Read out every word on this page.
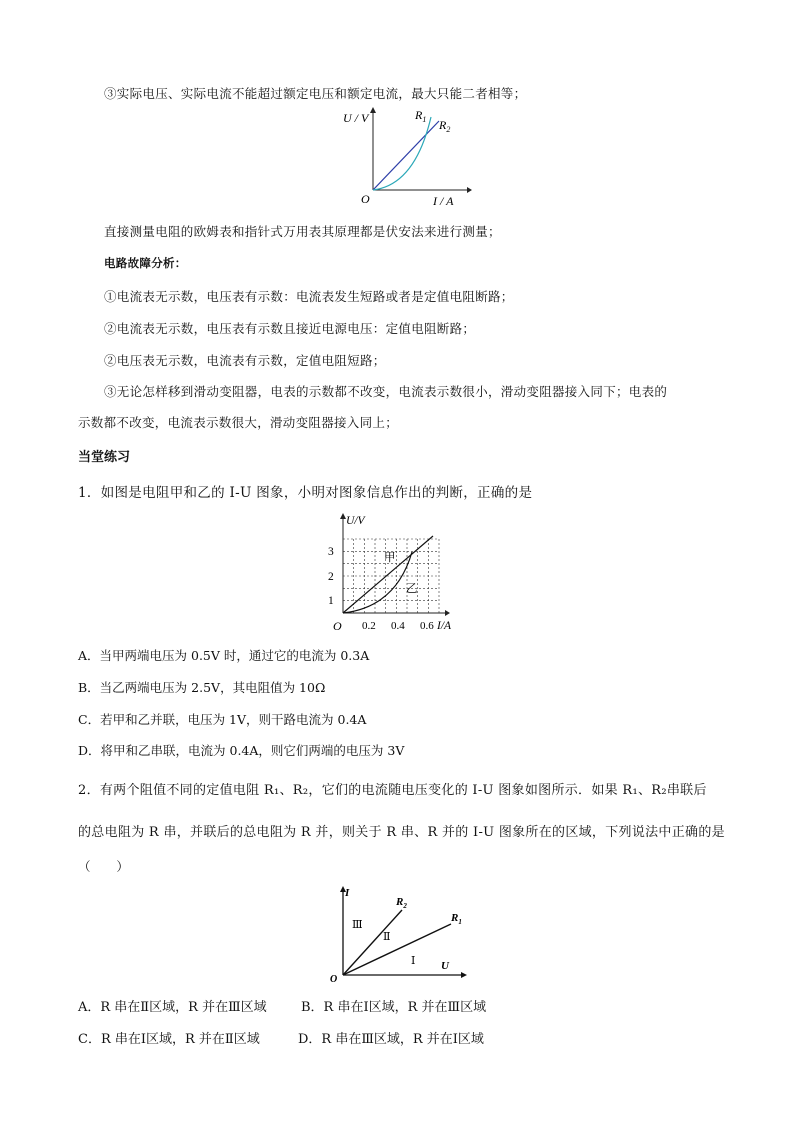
③实际电压、实际电流不能超过额定电压和额定电流，最大只能二者相等；
U / V
I / A
O
$R_1$ $R_2$
直接测量电阻的欧姆表和指针式万用表其原理都是伏安法来进行测量；
电路故障分析：
①电流表无示数，电压表有示数：电流表发生短路或者是定值电阻断路；
②电流表无示数，电压表有示数且接近电源电压：定值电阻断路；
②电压表无示数，电流表有示数，定值电阻短路；
③无论怎样移到滑动变阻器，电表的示数都不改变，电流表示数很小，滑动变阻器接入同下；电表的
示数都不改变，电流表示数很大，滑动变阻器接入同上；
当堂练习
1．如图是电阻甲和乙的 I-U 图象，小明对图象信息作出的判断，正确的是
U/V
1
2
3
O 0.2 0.4 0.6 I/A
甲
乙
A．当甲两端电压为 0.5V 时，通过它的电流为 0.3A
B．当乙两端电压为 2.5V，其电阻值为 10Ω
C．若甲和乙并联，电压为 1V，则干路电流为 0.4A
D．将甲和乙串联，电流为 0.4A，则它们两端的电压为 3V
2．有两个阻值不同的定值电阻 R₁、R₂，它们的电流随电压变化的 I-U 图象如图所示．如果 R₁、R₂串联后
的总电阻为 R 串，并联后的总电阻为 R 并，则关于 R 串、R 并的 I-U 图象所在的区域，下列说法中正确的是
（　　）
I
U
O
$R_2$
$R_1$
Ⅲ
Ⅱ
Ⅰ
A．R 串在Ⅱ区域，R 并在Ⅲ区域	B．R 串在Ⅰ区域，R 并在Ⅲ区域
C．R 串在Ⅰ区域，R 并在Ⅱ区域	D．R 串在Ⅲ区域，R 并在Ⅰ区域
